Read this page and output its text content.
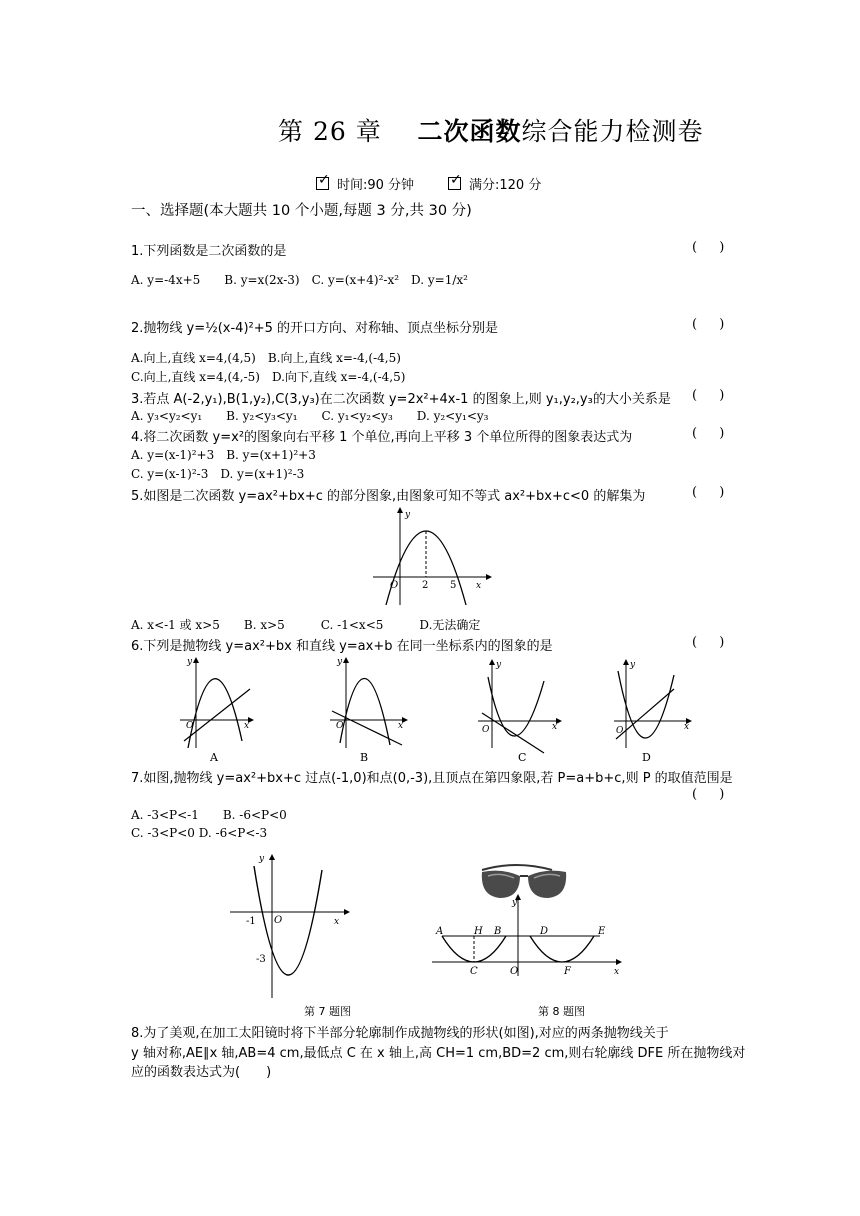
第 26 章 二次函数综合能力检测卷
✓时间:90 分钟
✓	满分:120 分
一、选择题(本大题共 10 个小题,每题 3 分,共 30 分)
1.下列函数是二次函数的是	( )
A. y=-4x+5　　B. y=x(2x-3)　C. y=(x+4)²-x²　D. y=1/x²
2.抛物线 y=½(x-4)²+5 的开口方向、对称轴、顶点坐标分别是	( )
A.向上,直线 x=4,(4,5)　B.向上,直线 x=-4,(-4,5)
C.向上,直线 x=4,(4,-5)　D.向下,直线 x=-4,(-4,5)
3.若点 A(-2,y₁),B(1,y₂),C(3,y₃)在二次函数 y=2x²+4x-1 的图象上,则 y₁,y₂,y₃的大小关系是 ( )
A. y₃<y₂<y₁　　B. y₂<y₃<y₁　　C. y₁<y₂<y₃　　D. y₂<y₁<y₃
4.将二次函数 y=x²的图象向右平移 1 个单位,再向上平移 3 个单位所得的图象表达式为	( )
A. y=(x-1)²+3　B. y=(x+1)²+3
C. y=(x-1)²-3　D. y=(x+1)²-3
5.如图是二次函数 y=ax²+bx+c 的部分图象,由图象可知不等式 ax²+bx+c<0 的解集为	( )
O 2 5 x
y
A. x<-1 或 x>5　　B. x>5　　　C. -1<x<5　　　D.无法确定
6.下列是抛物线 y=ax²+bx 和直线 y=ax+b 在同一坐标系内的图象的是	( )
O	x
y
A
O	x
y
B
O	x
y
C
O	x
y
D
7.如图,抛物线 y=ax²+bx+c 过点(-1,0)和点(0,-3),且顶点在第四象限,若 P=a+b+c,则 P 的取值范围是
( )
A. -3<P<-1　　B. -6<P<0
C. -3<P<0 D. -6<P<-3
y
x
O
-1
-3
y
x
A	H B	D	E
C	O	F
第 7 题图	第 8 题图
8.为了美观,在加工太阳镜时将下半部分轮廓制作成抛物线的形状(如图),对应的两条抛物线关于
y 轴对称,AE∥x 轴,AB=4 cm,最低点 C 在 x 轴上,高 CH=1 cm,BD=2 cm,则右轮廓线 DFE 所在抛物线对
应的函数表达式为(　　)
